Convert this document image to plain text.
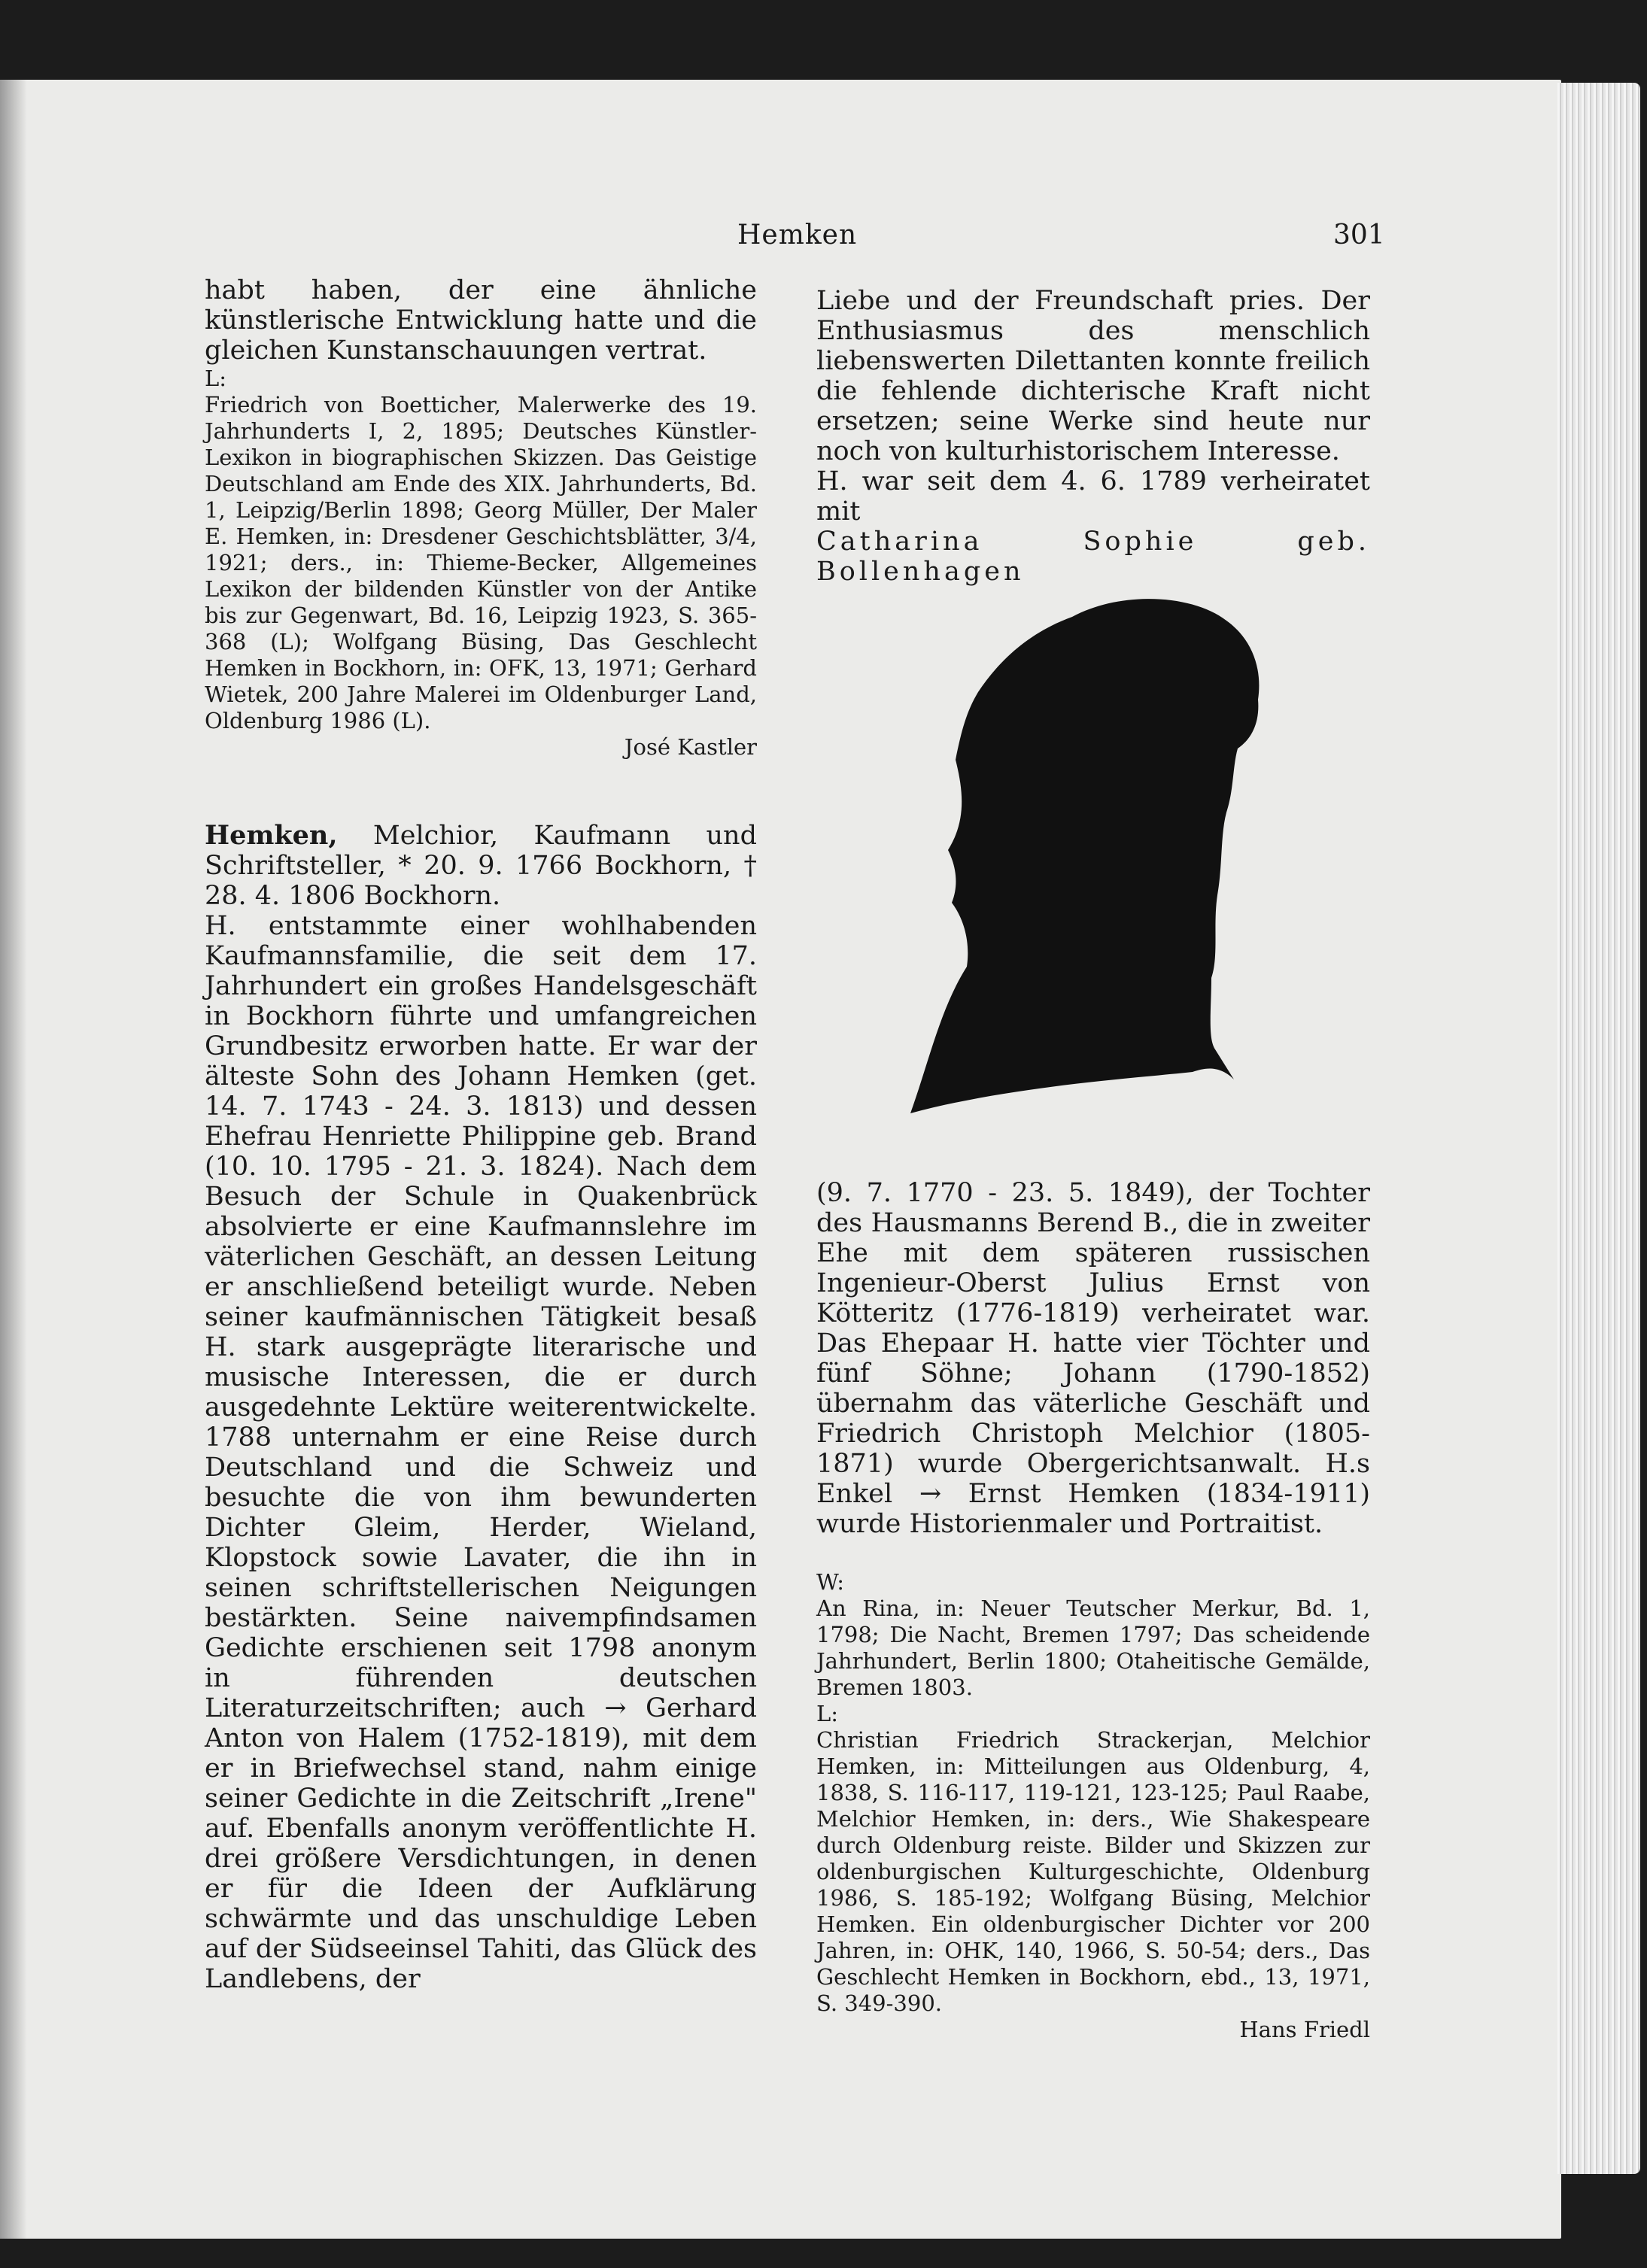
Hemken	301

habt haben, der eine ähnliche künstlerische Entwicklung hatte und die gleichen Kunstanschauungen vertrat.

L:

Friedrich von Boetticher, Malerwerke des 19. Jahrhunderts I, 2, 1895; Deutsches Künstler-Lexikon in biographischen Skizzen. Das Geistige Deutschland am Ende des XIX. Jahrhunderts, Bd. 1, Leipzig/Berlin 1898; Georg Müller, Der Maler E. Hemken, in: Dresdener Geschichtsblätter, 3/4, 1921; ders., in: Thieme-Becker, Allgemeines Lexikon der bildenden Künstler von der Antike bis zur Gegenwart, Bd. 16, Leipzig 1923, S. 365-368 (L); Wolfgang Büsing, Das Geschlecht Hemken in Bockhorn, in: OFK, 13, 1971; Gerhard Wietek, 200 Jahre Malerei im Oldenburger Land, Oldenburg 1986 (L).

José Kastler

Hemken, Melchior, Kaufmann und Schriftsteller, * 20. 9. 1766 Bockhorn, † 28. 4. 1806 Bockhorn.

H. entstammte einer wohlhabenden Kaufmannsfamilie, die seit dem 17. Jahrhundert ein großes Handelsgeschäft in Bockhorn führte und umfangreichen Grundbesitz erworben hatte. Er war der älteste Sohn des Johann Hemken (get. 14. 7. 1743 - 24. 3. 1813) und dessen Ehefrau Henriette Philippine geb. Brand (10. 10. 1795 - 21. 3. 1824). Nach dem Besuch der Schule in Quakenbrück absolvierte er eine Kaufmannslehre im väterlichen Geschäft, an dessen Leitung er anschließend beteiligt wurde. Neben seiner kaufmännischen Tätigkeit besaß H. stark ausgeprägte literarische und musische Interessen, die er durch ausgedehnte Lektüre weiterentwickelte. 1788 unternahm er eine Reise durch Deutschland und die Schweiz und besuchte die von ihm bewunderten Dichter Gleim, Herder, Wieland, Klopstock sowie Lavater, die ihn in seinen schriftstellerischen Neigungen bestärkten. Seine naivempfindsamen Gedichte erschienen seit 1798 anonym in führenden deutschen Literaturzeitschriften; auch → Gerhard Anton von Halem (1752-1819), mit dem er in Briefwechsel stand, nahm einige seiner Gedichte in die Zeitschrift „Irene" auf. Ebenfalls anonym veröffentlichte H. drei größere Versdichtungen, in denen er für die Ideen der Aufklärung schwärmte und das unschuldige Leben auf der Südseeinsel Tahiti, das Glück des Landlebens, der

Liebe und der Freundschaft pries. Der Enthusiasmus des menschlich liebenswerten Dilettanten konnte freilich die fehlende dichterische Kraft nicht ersetzen; seine Werke sind heute nur noch von kulturhistorischem Interesse.

H. war seit dem 4. 6. 1789 verheiratet mit

Catharina Sophie geb. Bollenhagen

(9. 7. 1770 - 23. 5. 1849), der Tochter des Hausmanns Berend B., die in zweiter Ehe mit dem späteren russischen Ingenieur-Oberst Julius Ernst von Kötteritz (1776-1819) verheiratet war. Das Ehepaar H. hatte vier Töchter und fünf Söhne; Johann (1790-1852) übernahm das väterliche Geschäft und Friedrich Christoph Melchior (1805-1871) wurde Obergerichtsanwalt. H.s Enkel → Ernst Hemken (1834-1911) wurde Historienmaler und Portraitist.

W:

An Rina, in: Neuer Teutscher Merkur, Bd. 1, 1798; Die Nacht, Bremen 1797; Das scheidende Jahrhundert, Berlin 1800; Otaheitische Gemälde, Bremen 1803.

L:

Christian Friedrich Strackerjan, Melchior Hemken, in: Mitteilungen aus Oldenburg, 4, 1838, S. 116-117, 119-121, 123-125; Paul Raabe, Melchior Hemken, in: ders., Wie Shakespeare durch Oldenburg reiste. Bilder und Skizzen zur oldenburgischen Kulturgeschichte, Oldenburg 1986, S. 185-192; Wolfgang Büsing, Melchior Hemken. Ein oldenburgischer Dichter vor 200 Jahren, in: OHK, 140, 1966, S. 50-54; ders., Das Geschlecht Hemken in Bockhorn, ebd., 13, 1971, S. 349-390.

Hans Friedl
